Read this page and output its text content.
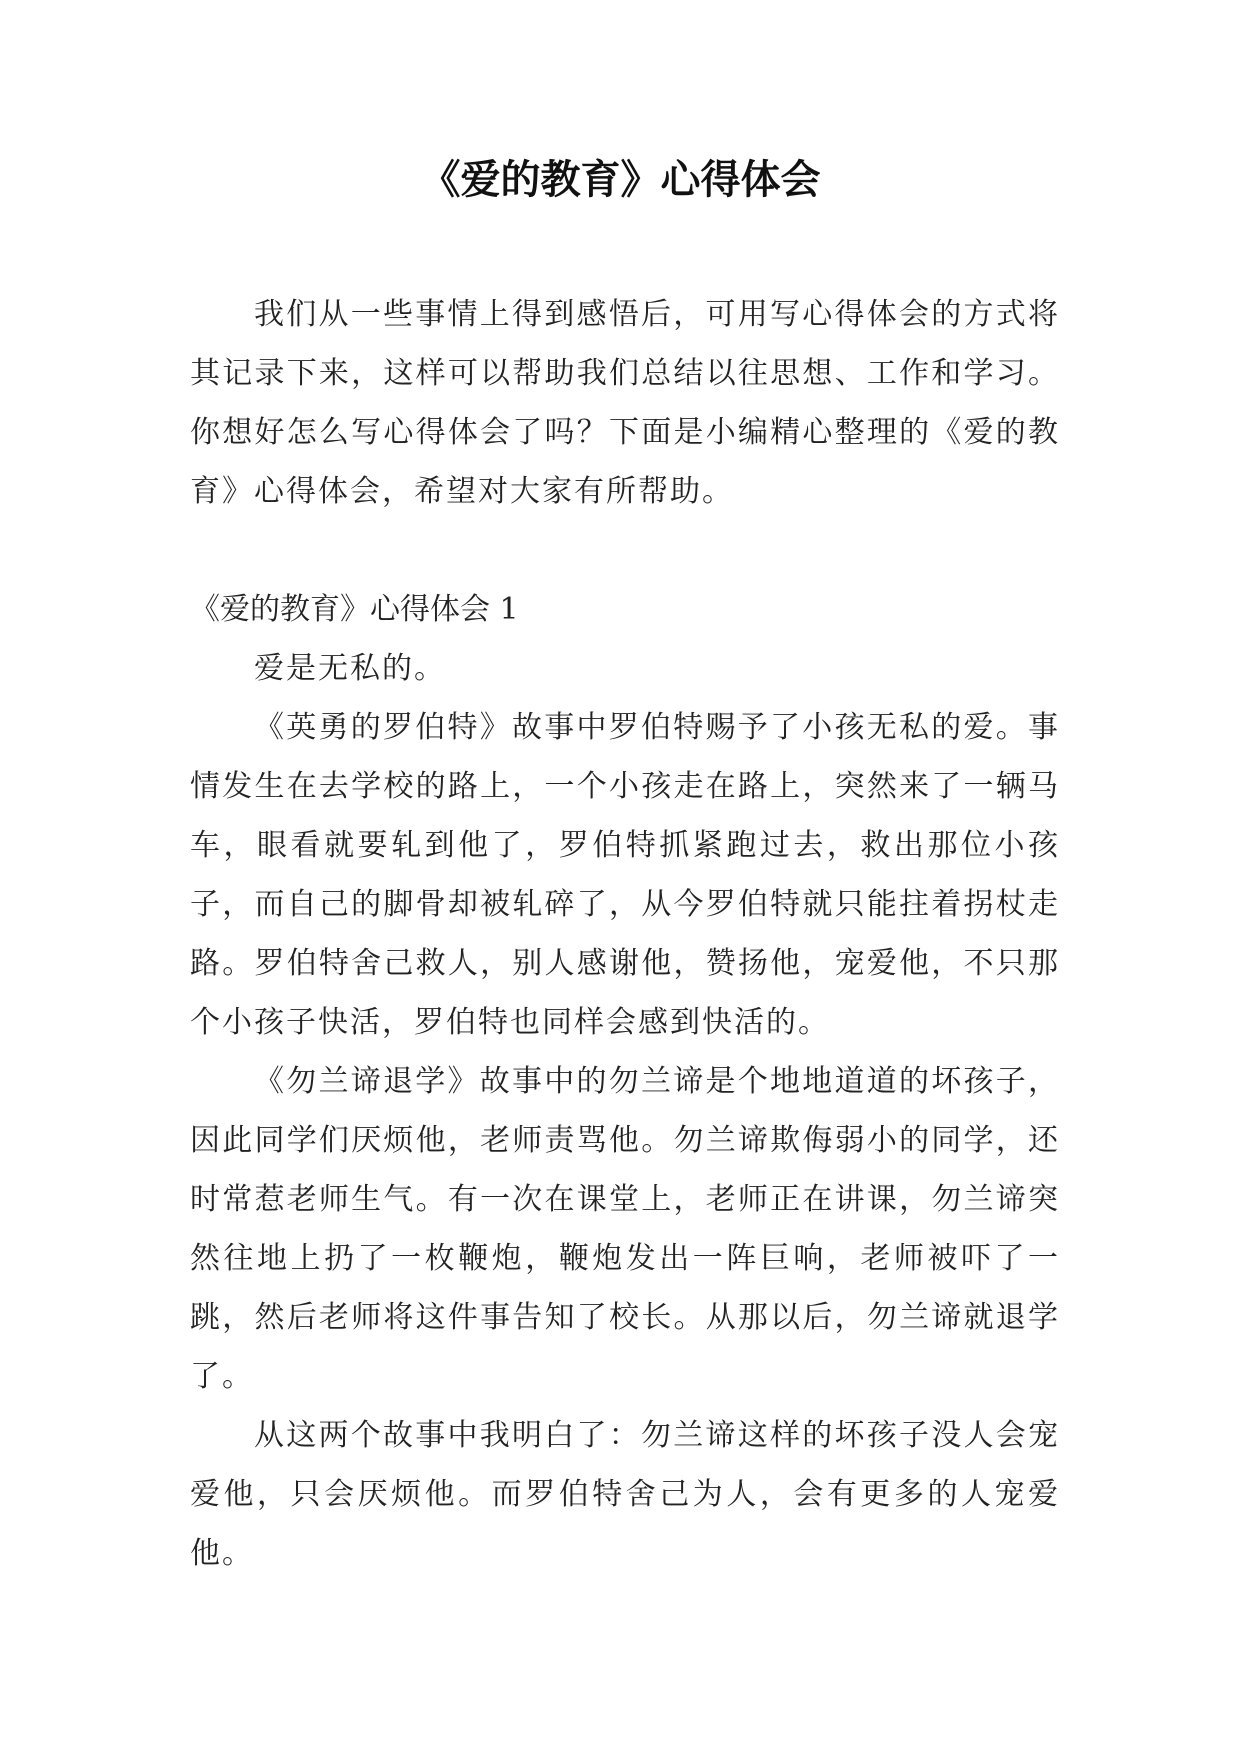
《爱的教育》心得体会

我们从一些事情上得到感悟后，可用写心得体会的方式将其记录下来，这样可以帮助我们总结以往思想、工作和学习。你想好怎么写心得体会了吗？下面是小编精心整理的《爱的教育》心得体会，希望对大家有所帮助。

《爱的教育》心得体会 1

爱是无私的。

《英勇的罗伯特》故事中罗伯特赐予了小孩无私的爱。事情发生在去学校的路上，一个小孩走在路上，突然来了一辆马车，眼看就要轧到他了，罗伯特抓紧跑过去，救出那位小孩子，而自己的脚骨却被轧碎了，从今罗伯特就只能拄着拐杖走路。罗伯特舍己救人，别人感谢他，赞扬他，宠爱他，不只那个小孩子快活，罗伯特也同样会感到快活的。

《勿兰谛退学》故事中的勿兰谛是个地地道道的坏孩子，因此同学们厌烦他，老师责骂他。勿兰谛欺侮弱小的同学，还时常惹老师生气。有一次在课堂上，老师正在讲课，勿兰谛突然往地上扔了一枚鞭炮，鞭炮发出一阵巨响，老师被吓了一跳，然后老师将这件事告知了校长。从那以后，勿兰谛就退学了。

从这两个故事中我明白了：勿兰谛这样的坏孩子没人会宠爱他，只会厌烦他。而罗伯特舍己为人，会有更多的人宠爱他。
